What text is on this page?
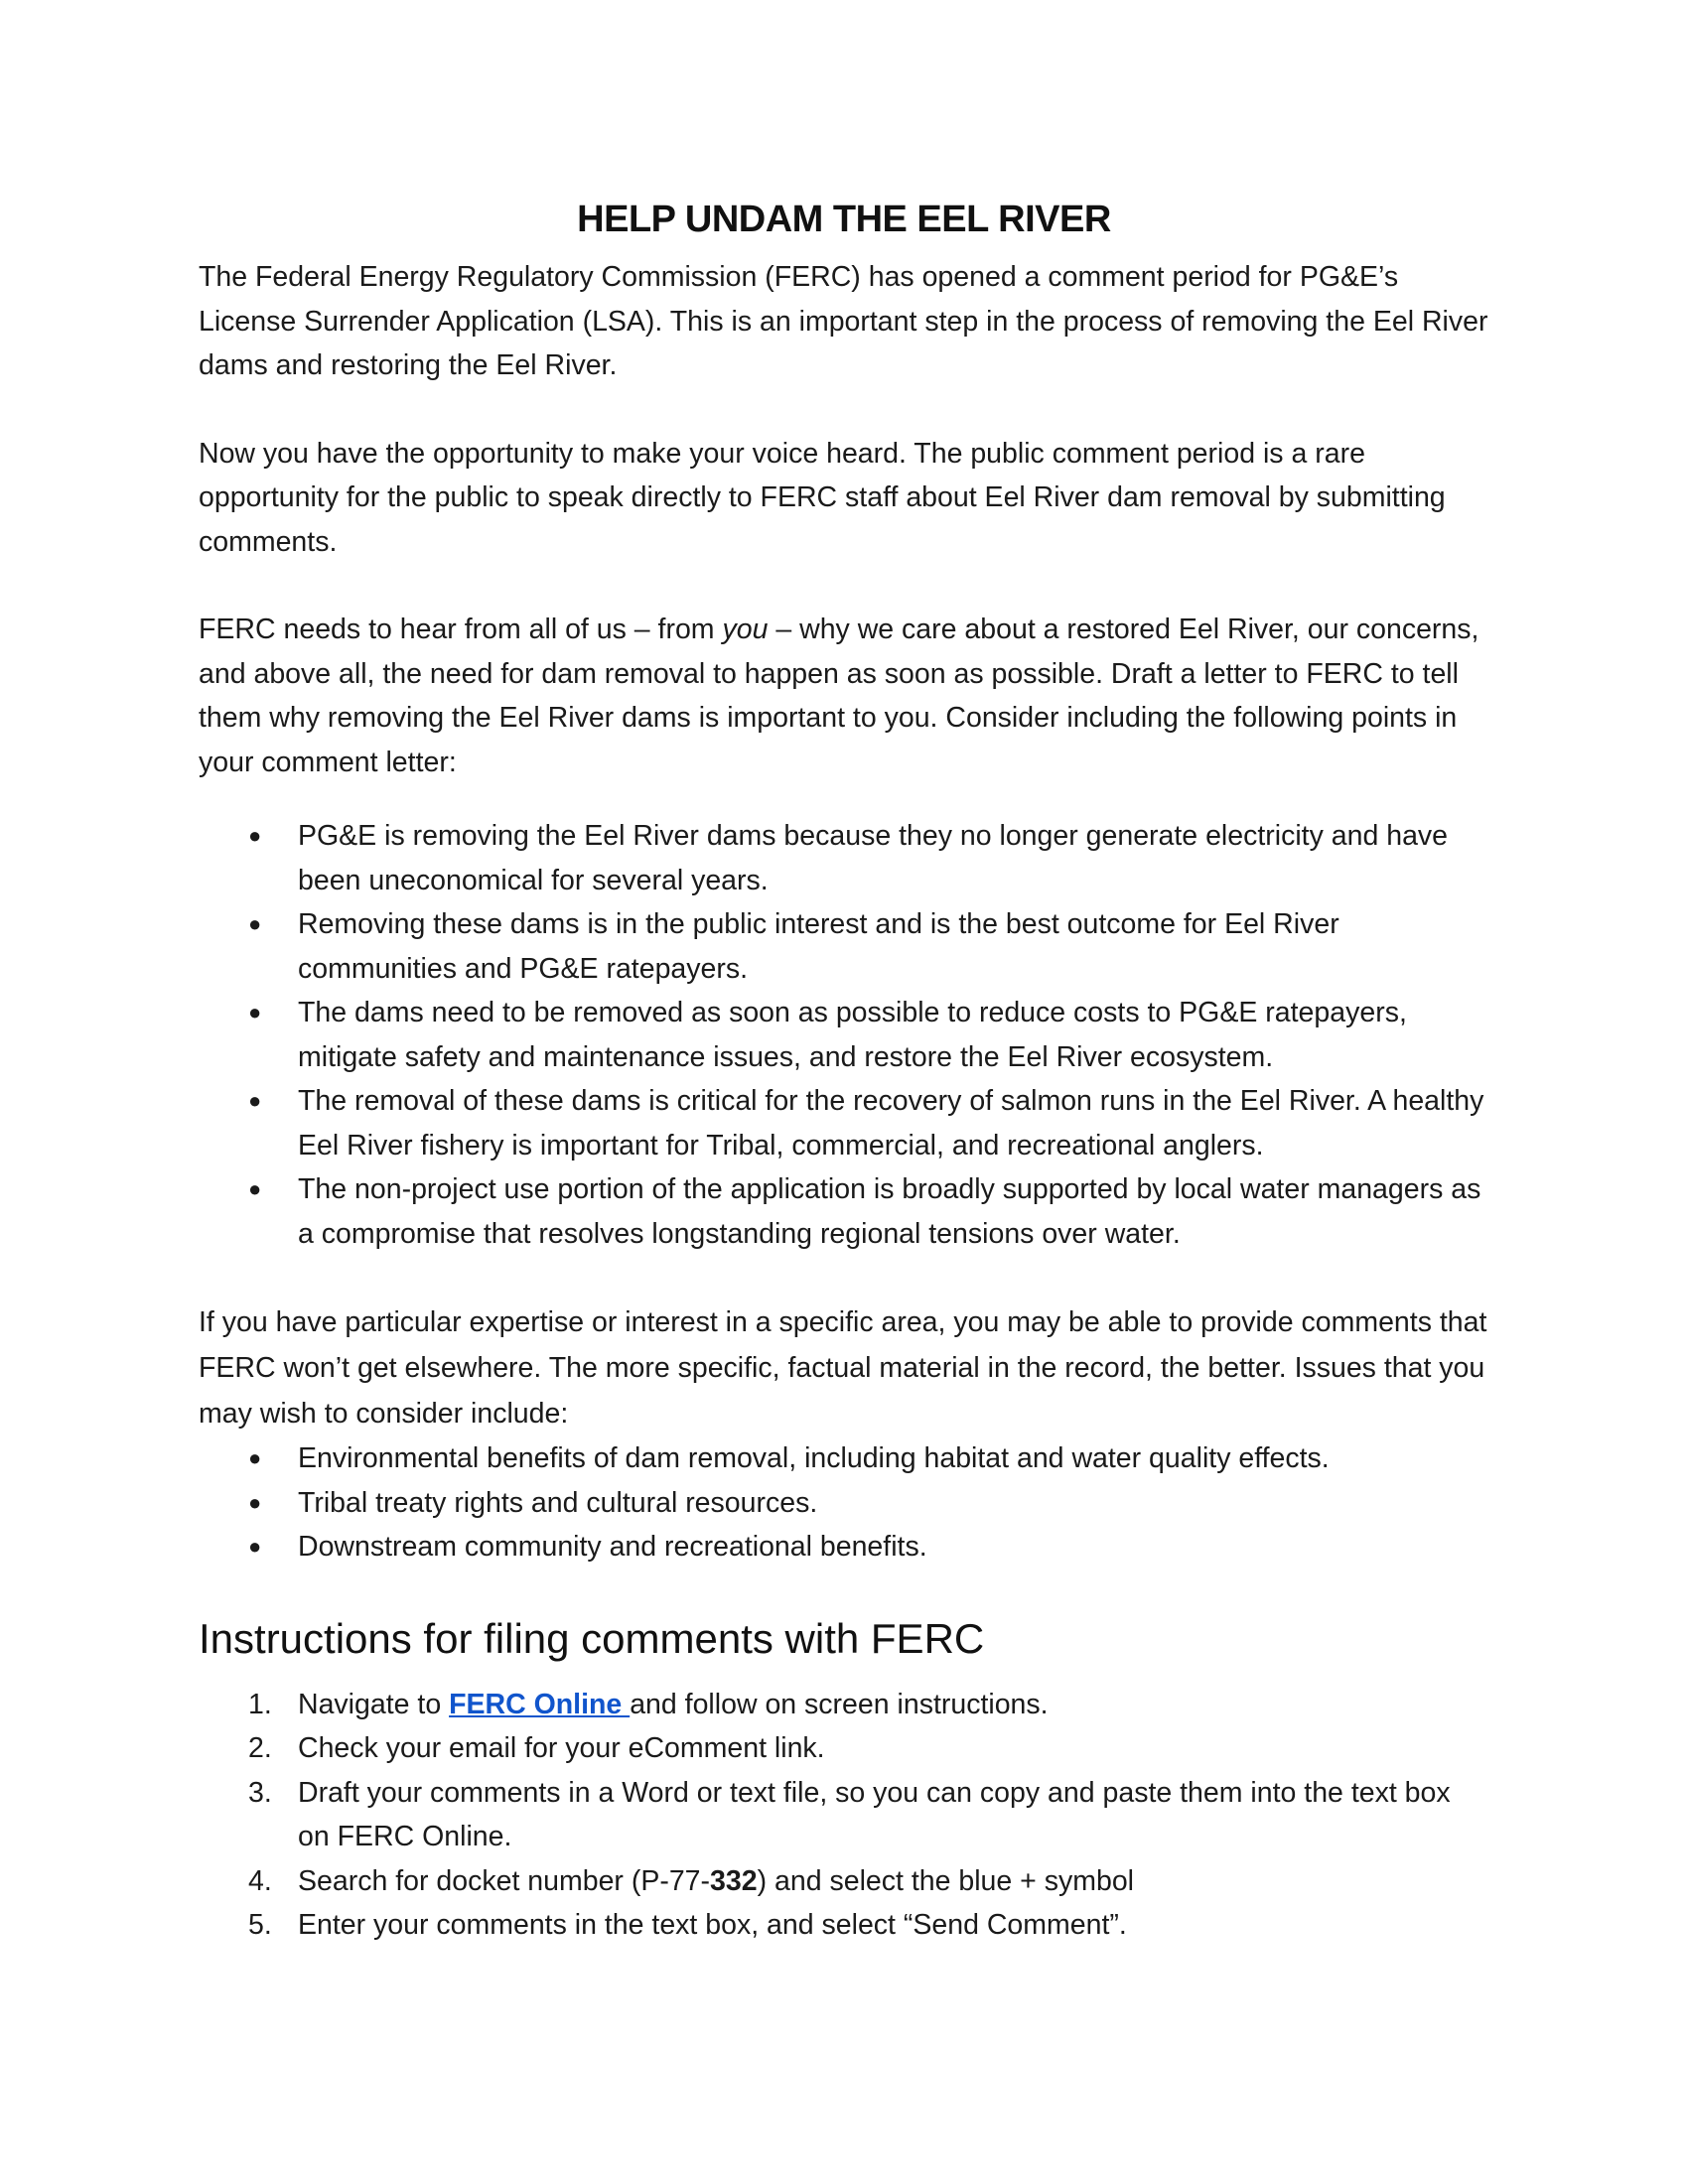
HELP UNDAM THE EEL RIVER

The Federal Energy Regulatory Commission (FERC) has opened a comment period for PG&E’s License Surrender Application (LSA). This is an important step in the process of removing the Eel River dams and restoring the Eel River.

Now you have the opportunity to make your voice heard. The public comment period is a rare opportunity for the public to speak directly to FERC staff about Eel River dam removal by submitting comments.

FERC needs to hear from all of us – from you – why we care about a restored Eel River, our concerns, and above all, the need for dam removal to happen as soon as possible. Draft a letter to FERC to tell them why removing the Eel River dams is important to you. Consider including the following points in your comment letter:

● PG&E is removing the Eel River dams because they no longer generate electricity and have been uneconomical for several years.
● Removing these dams is in the public interest and is the best outcome for Eel River communities and PG&E ratepayers.
● The dams need to be removed as soon as possible to reduce costs to PG&E ratepayers, mitigate safety and maintenance issues, and restore the Eel River ecosystem.
● The removal of these dams is critical for the recovery of salmon runs in the Eel River. A healthy Eel River fishery is important for Tribal, commercial, and recreational anglers.
● The non-project use portion of the application is broadly supported by local water managers as a compromise that resolves longstanding regional tensions over water.

If you have particular expertise or interest in a specific area, you may be able to provide comments that FERC won’t get elsewhere. The more specific, factual material in the record, the better. Issues that you may wish to consider include:

● Environmental benefits of dam removal, including habitat and water quality effects.
● Tribal treaty rights and cultural resources.
● Downstream community and recreational benefits.
Instructions for filing comments with FERC
1. Navigate to FERC Online and follow on screen instructions.
2. Check your email for your eComment link.
3. Draft your comments in a Word or text file, so you can copy and paste them into the text box on FERC Online.
4. Search for docket number (P-77-332) and select the blue + symbol
5. Enter your comments in the text box, and select “Send Comment”.
